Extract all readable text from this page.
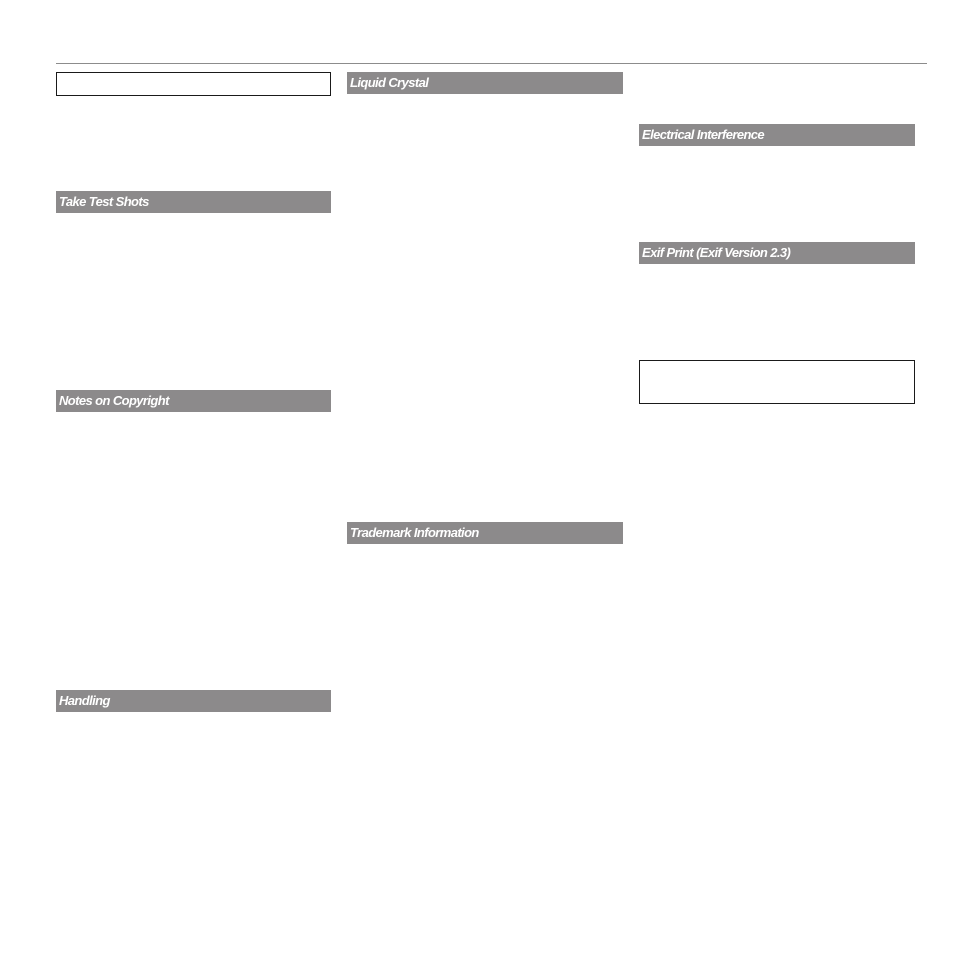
Take Test Shots
Notes on Copyright
Handling
Liquid Crystal
Trademark Information
Electrical Interference
Exif Print (Exif Version 2.3)
